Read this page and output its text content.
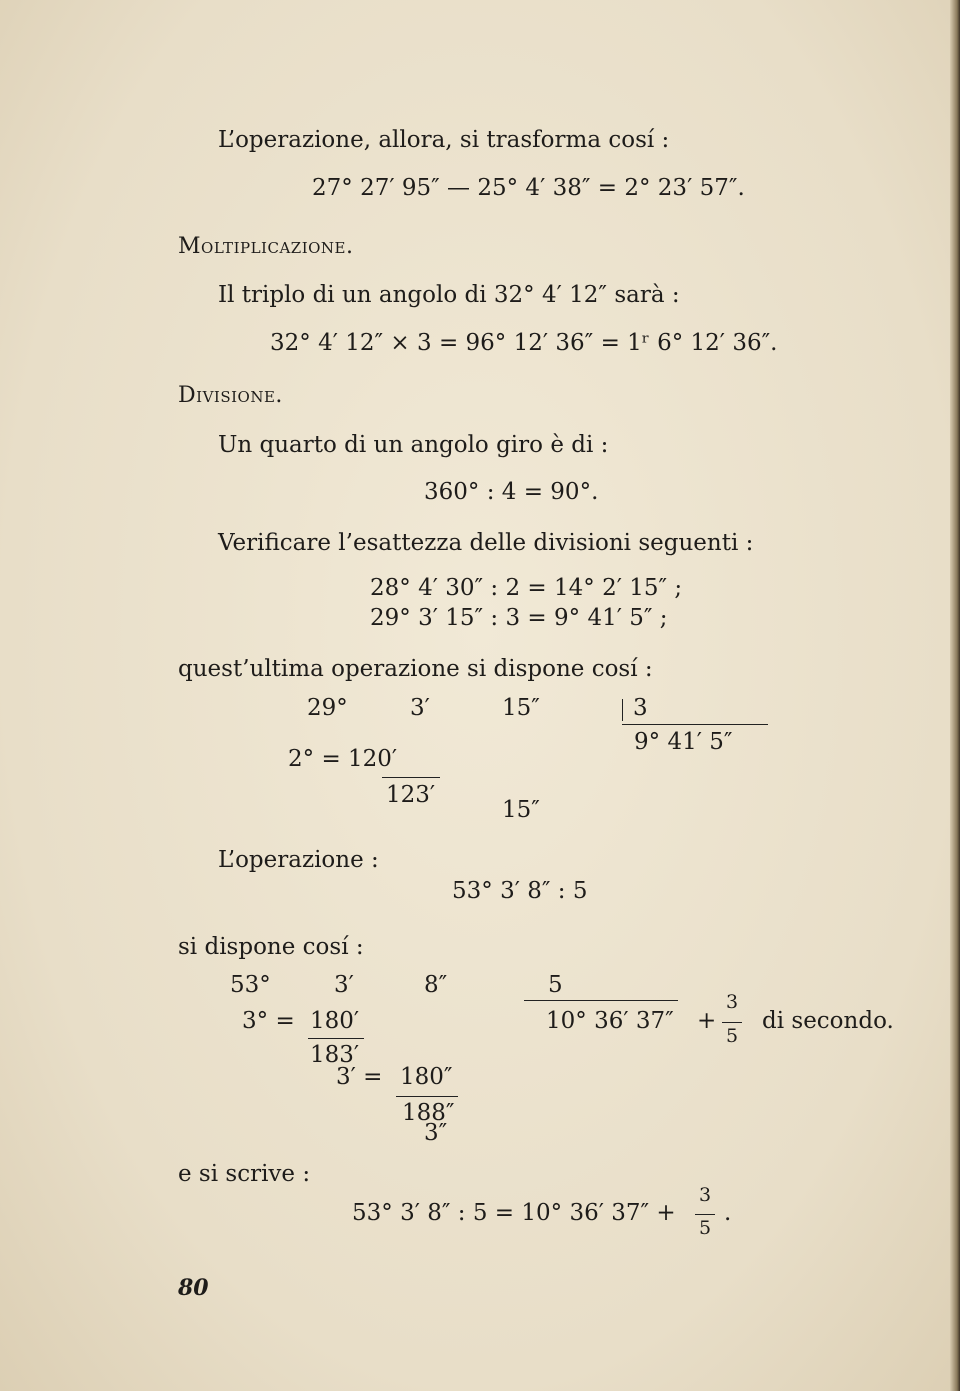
L’operazione, allora, si trasforma cosí :
27° 27′ 95″ — 25° 4′ 38″ = 2° 23′ 57″.
Moltiplicazione.
Il triplo di un angolo di 32° 4′ 12″ sarà :
32° 4′ 12″ × 3 = 96° 12′ 36″ = 1ʳ 6° 12′ 36″.
Divisione.
Un quarto di un angolo giro è di :
360° : 4 = 90°.
Verificare l’esattezza delle divisioni seguenti :
28° 4′ 30″ : 2 = 14° 2′ 15″ ;
29° 3′ 15″ : 3 = 9° 41′ 5″ ;
quest’ultima operazione si dispone cosí :
29°	3′	15″	3
9° 41′ 5″
2° = 120′
123′
15″
L’operazione :
53° 3′ 8″ : 5
si dispone cosí :
53°	3′	8″	5
3° = 180′	10° 36′ 37″ +
3
5
di secondo.
183′
3′ = 180″
188″
3″
e si scrive :
53° 3′ 8″ : 5 = 10° 36′ 37″ +
3
5
.
80
